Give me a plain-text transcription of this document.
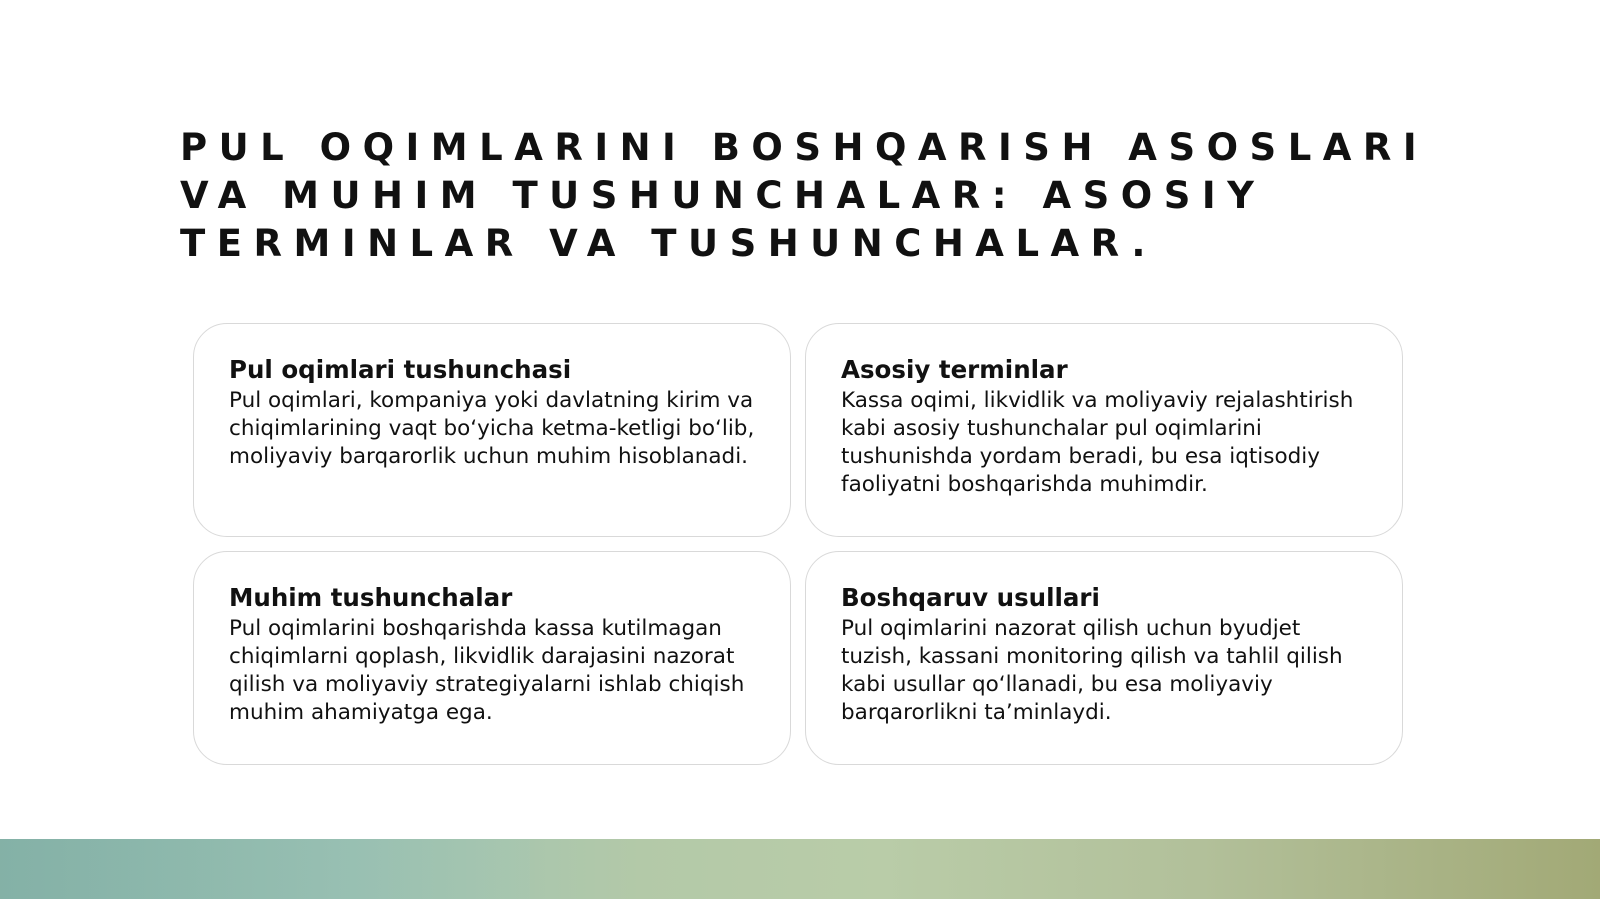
PUL OQIMLARINI BOSHQARISH ASOSLARI VA MUHIM TUSHUNCHALAR: ASOSIY TERMINLAR VA TUSHUNCHALAR.
Pul oqimlari tushunchasi

Pul oqimlari, kompaniya yoki davlatning kirim va chiqimlarining vaqt bo‘yicha ketma-ketligi bo‘lib, moliyaviy barqarorlik uchun muhim hisoblanadi.

Asosiy terminlar

Kassa oqimi, likvidlik va moliyaviy rejalashtirish kabi asosiy tushunchalar pul oqimlarini tushunishda yordam beradi, bu esa iqtisodiy faoliyatni boshqarishda muhimdir.

Muhim tushunchalar

Pul oqimlarini boshqarishda kassa kutilmagan chiqimlarni qoplash, likvidlik darajasini nazorat qilish va moliyaviy strategiyalarni ishlab chiqish muhim ahamiyatga ega.

Boshqaruv usullari

Pul oqimlarini nazorat qilish uchun byudjet tuzish, kassani monitoring qilish va tahlil qilish kabi usullar qo‘llanadi, bu esa moliyaviy barqarorlikni ta’minlaydi.
